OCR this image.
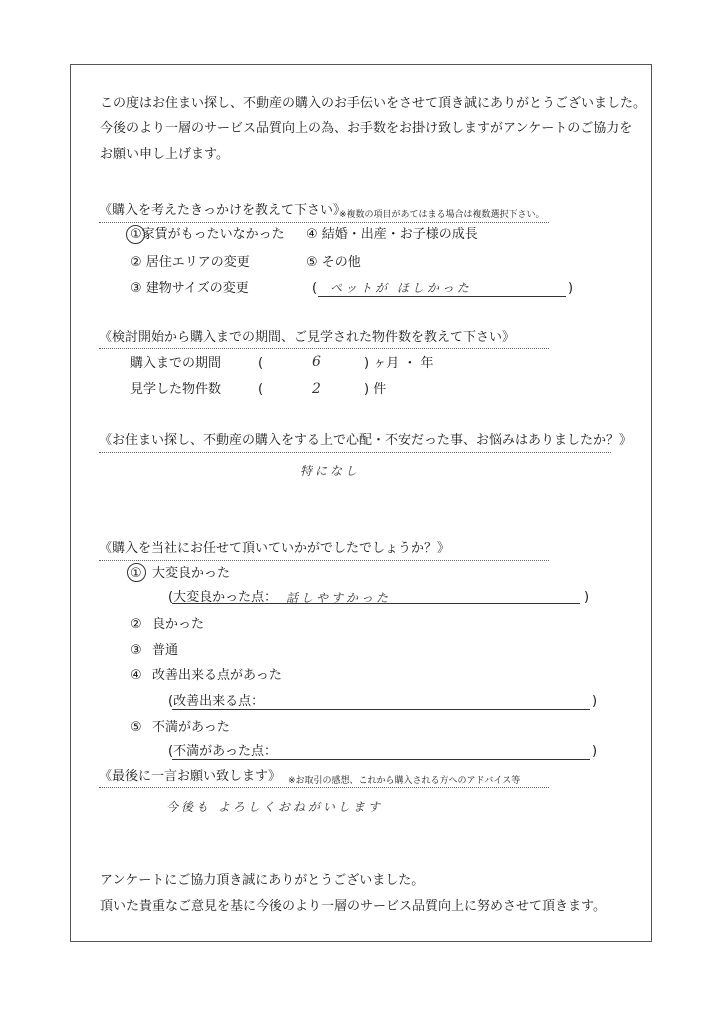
この度はお住まい探し、不動産の購入のお手伝いをさせて頂き誠にありがとうございました。
今後のより一層のサービス品質向上の為、お手数をお掛け致しますがアンケートのご協力を
お願い申し上げます。
《購入を考えたきっかけを教えて下さい》
※複数の項目があてはまる場合は複数選択下さい。
①家賃がもったいなかった ④ 結婚・出産・お子様の成長
② 居住エリアの変更	⑤ その他
③ 建物サイズの変更	( ペットが ほしかった	)
《検討開始から購入までの期間、ご見学された物件数を教えて下さい》
購入までの期間	(	6	) ヶ月 ・ 年
見学した物件数	(	2	) 件
《お住まい探し、不動産の購入をする上で心配・不安だった事、お悩みはありましたか？》
特になし
《購入を当社にお任せて頂いていかがでしたでしょうか？》
① 大変良かった
(大変良かった点： 話しやすかった	)
② 良かった
③ 普通
④ 改善出来る点があった
(改善出来る点：	)
⑤ 不満があった
(不満があった点：	)
《最後に一言お願い致します》 ※お取引の感想、これから購入される方へのアドバイス等
今後も よろしくおねがいします
アンケートにご協力頂き誠にありがとうございました。
頂いた貴重なご意見を基に今後のより一層のサービス品質向上に努めさせて頂きます。
